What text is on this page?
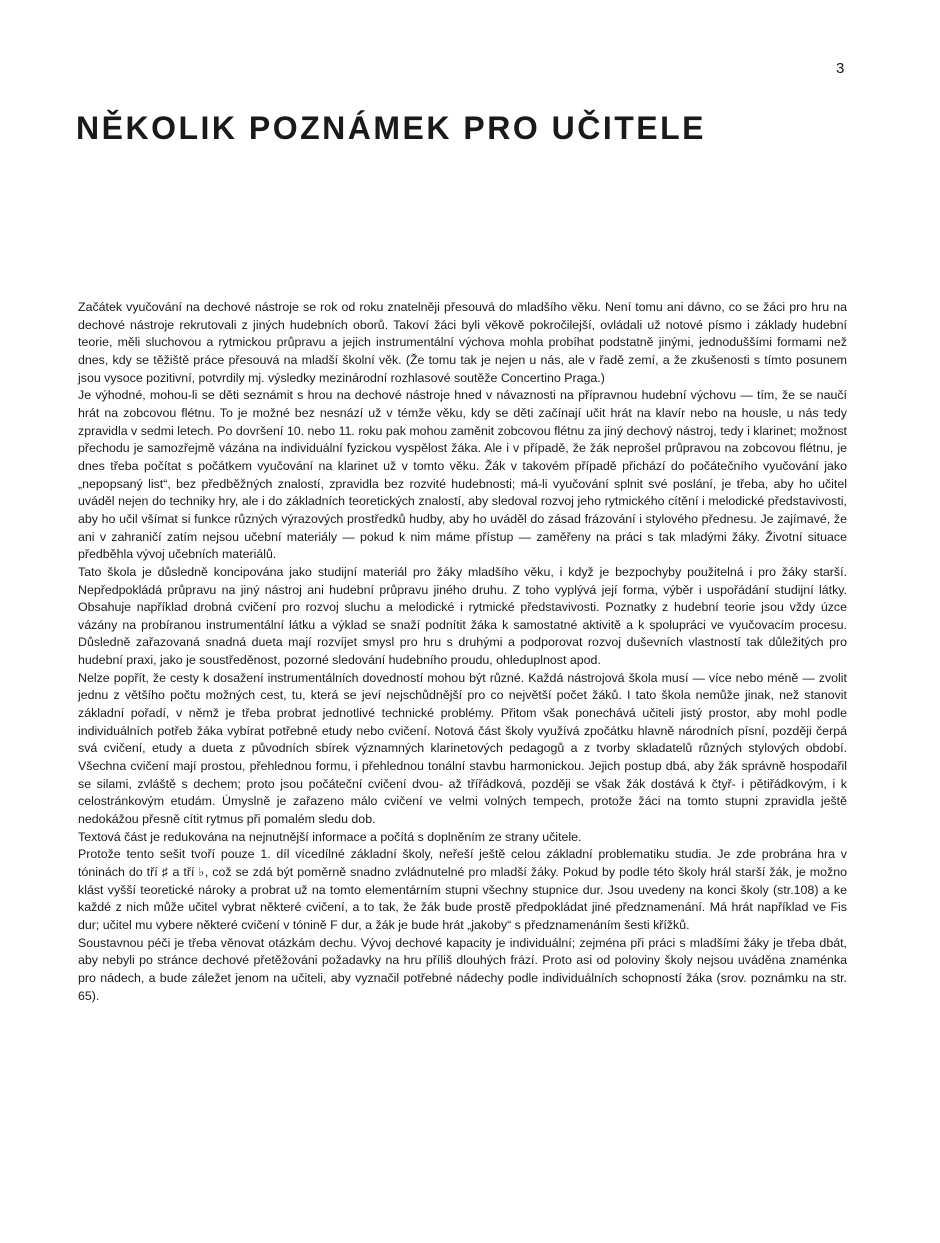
3
NĚKOLIK POZNÁMEK PRO UČITELE

Začátek vyučování na dechové nástroje se rok od roku znatelněji přesouvá do mladšího věku. Není tomu ani dávno, co se žáci pro hru na dechové nástroje rekrutovali z jiných hudebních oborů. Takoví žáci byli věkově pokročilejší, ovládali už notové písmo i základy hudební teorie, měli sluchovou a rytmickou průpravu a jejich instrumentální výchova mohla probíhat podstatně jinými, jednoduššími formami než dnes, kdy se těžiště práce přesouvá na mladší školní věk. (Že tomu tak je nejen u nás, ale v řadě zemí, a že zkušenosti s tímto posunem jsou vysoce pozitivní, potvrdily mj. výsledky mezinárodní rozhlasové soutěže Concertino Praga.)

Je výhodné, mohou-li se děti seznámit s hrou na dechové nástroje hned v návaznosti na přípravnou hudební výchovu — tím, že se naučí hrát na zobcovou flétnu. To je možné bez nesnází už v témže věku, kdy se děti začínají učit hrát na klavír nebo na housle, u nás tedy zpravidla v sedmi letech. Po dovršení 10. nebo 11. roku pak mohou zaměnit zobcovou flétnu za jiný dechový nástroj, tedy i klarinet; možnost přechodu je samozřejmě vázána na individuální fyzickou vyspělost žáka. Ale i v případě, že žák neprošel průpravou na zobcovou flétnu, je dnes třeba počítat s počátkem vyučování na klarinet už v tomto věku. Žák v takovém případě přichází do počátečního vyučování jako „nepopsaný list“, bez předběžných znalostí, zpravidla bez rozvité hudebnosti; má-li vyučování splnit své poslání, je třeba, aby ho učitel uváděl nejen do techniky hry, ale i do základních teoretických znalostí, aby sledoval rozvoj jeho rytmického cítění i melodické představivosti, aby ho učil všímat si funkce různých výrazových prostředků hudby, aby ho uváděl do zásad frázování i stylového přednesu. Je zajímavé, že ani v zahraničí zatím nejsou učební materiály — pokud k nim máme přístup — zaměřeny na práci s tak mladými žáky. Životní situace předběhla vývoj učebních materiálů.

Tato škola je důsledně koncipována jako studijní materiál pro žáky mladšího věku, i když je bezpochyby použitelná i pro žáky starší. Nepředpokládá průpravu na jiný nástroj ani hudební průpravu jiného druhu. Z toho vyplývá její forma, výběr i uspořádání studijní látky. Obsahuje například drobná cvičení pro rozvoj sluchu a melodické i rytmické představivosti. Poznatky z hudební teorie jsou vždy úzce vázány na probíranou instrumentální látku a výklad se snaží podnítit žáka k samostatné aktivitě a k spolupráci ve vyučovacím procesu. Důsledně zařazovaná snadná dueta mají rozvíjet smysl pro hru s druhými a podporovat rozvoj duševních vlastností tak důležitých pro hudební praxi, jako je soustředěnost, pozorné sledování hudebního proudu, ohleduplnost apod.

Nelze popřít, že cesty k dosažení instrumentálních dovedností mohou být různé. Každá nástrojová škola musí — více nebo méně — zvolit jednu z většího počtu možných cest, tu, která se jeví nejschůdnější pro co největší počet žáků. I tato škola nemůže jinak, než stanovit základní pořadí, v němž je třeba probrat jednotlivé technické problémy. Přitom však ponechává učiteli jistý prostor, aby mohl podle individuálních potřeb žáka vybírat potřebné etudy nebo cvičení. Notová část školy využívá zpočátku hlavně národních písní, později čerpá svá cvičení, etudy a dueta z původních sbírek významných klarinetových pedagogů a z tvorby skladatelů různých stylových období. Všechna cvičení mají prostou, přehlednou formu, i přehlednou tonální stavbu harmonickou. Jejich postup dbá, aby žák správně hospodařil se silami, zvláště s dechem; proto jsou počáteční cvičení dvou- až třířádková, později se však žák dostává k čtyř- i pětiřádkovým, i k celostránkovým etudám. Úmyslně je zařazeno málo cvičení ve velmi volných tempech, protože žáci na tomto stupni zpravidla ještě nedokážou přesně cítit rytmus při pomalém sledu dob.

Textová část je redukována na nejnutnější informace a počítá s doplněním ze strany učitele.

Protože tento sešit tvoří pouze 1. díl vícedílné základní školy, neřeší ještě celou základní problematiku studia. Je zde probrána hra v tóninách do tří ♯ a tří ♭, což se zdá být poměrně snadno zvládnutelné pro mladší žáky. Pokud by podle této školy hrál starší žák, je možno klást vyšší teoretické nároky a probrat už na tomto elementárním stupni všechny stupnice dur. Jsou uvedeny na konci školy (str.108) a ke každé z nich může učitel vybrat některé cvičení, a to tak, že žák bude prostě předpokládat jiné předznamenání. Má hrát například ve Fis dur; učitel mu vybere některé cvičení v tónině F dur, a žák je bude hrát „jakoby“ s předznamenáním šesti křížků.

Soustavnou péči je třeba věnovat otázkám dechu. Vývoj dechové kapacity je individuální; zejména při práci s mladšími žáky je třeba dbát, aby nebyli po stránce dechové přetěžováni požadavky na hru příliš dlouhých frází. Proto asi od poloviny školy nejsou uváděna znaménka pro nádech, a bude záležet jenom na učiteli, aby vyznačil potřebné nádechy podle individuálních schopností žáka (srov. poznámku na str. 65).
